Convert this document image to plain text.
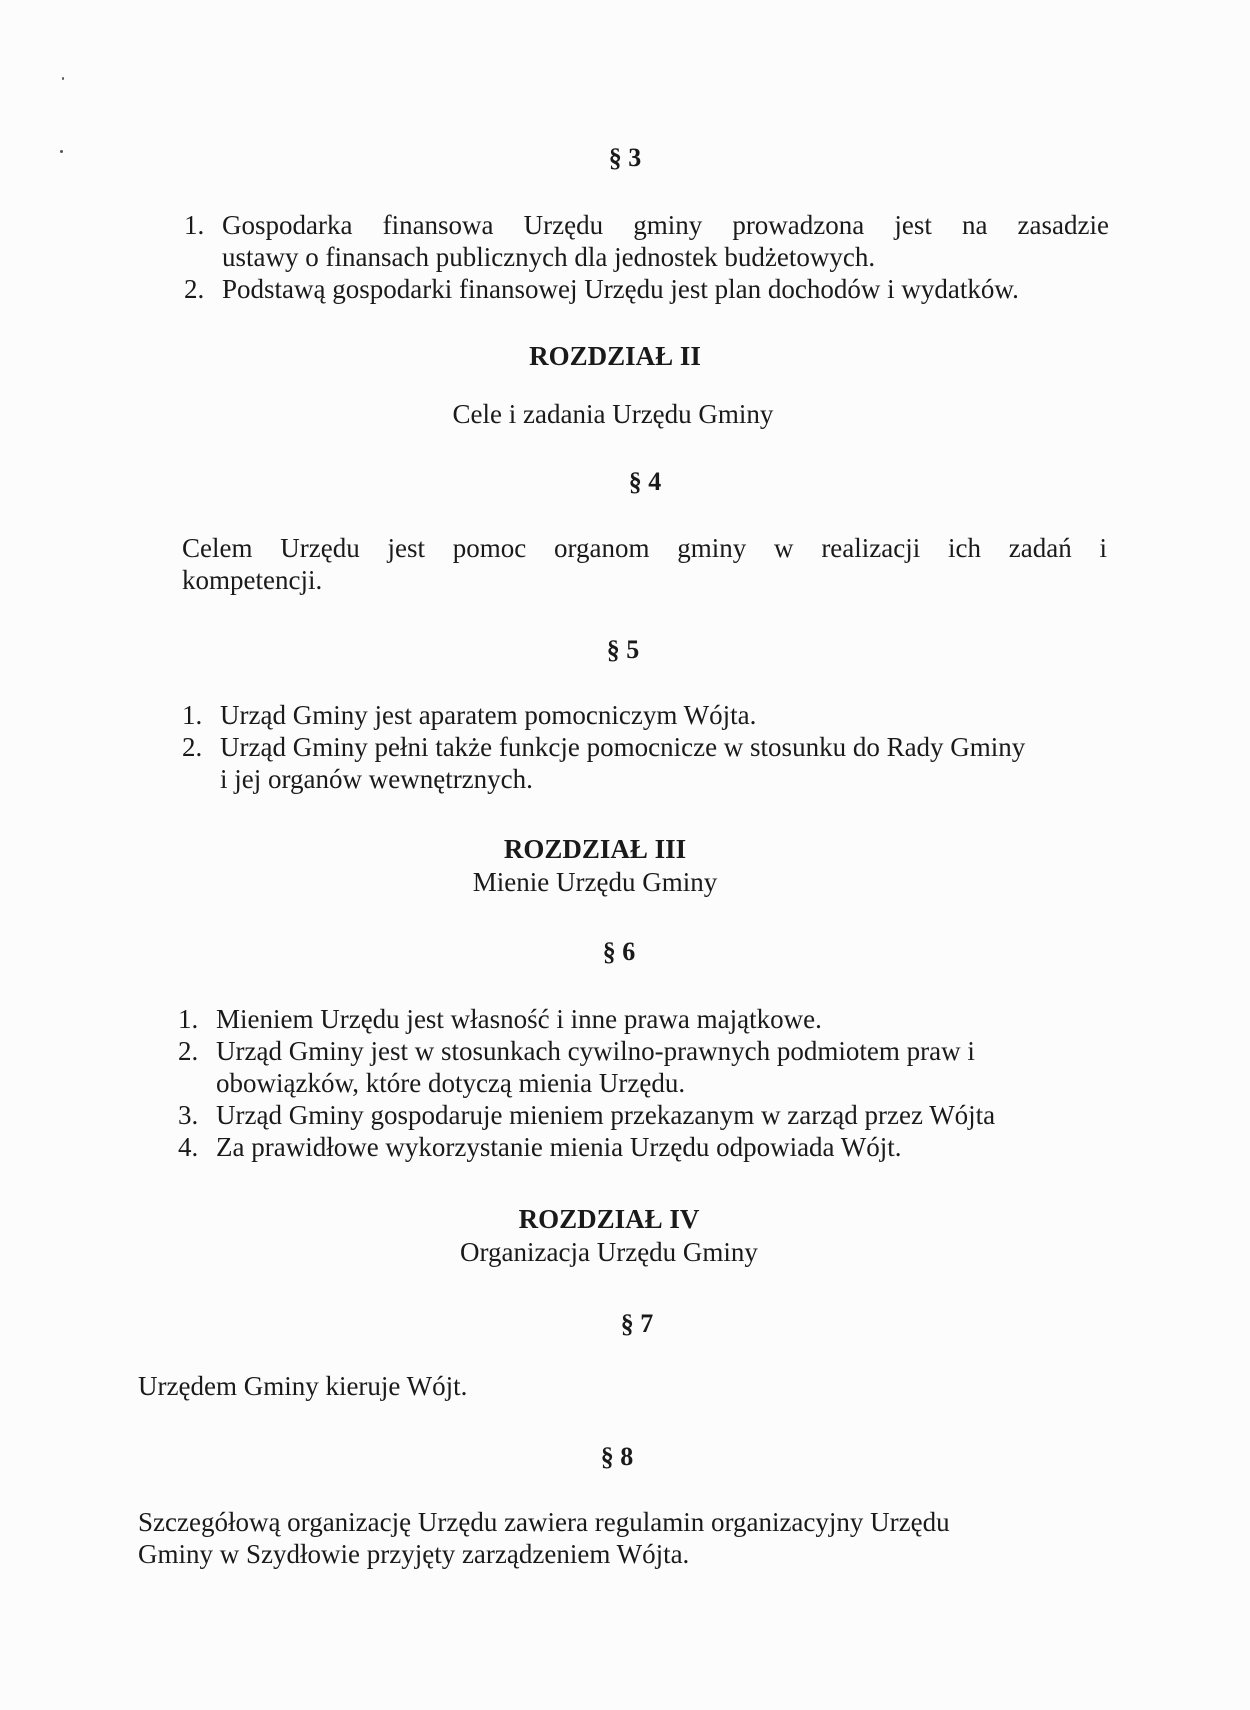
§ 3
1. Gospodarka finansowa Urzędu gminy prowadzona jest na zasadzie
ustawy o finansach publicznych dla jednostek budżetowych.
2. Podstawą gospodarki finansowej Urzędu jest plan dochodów i wydatków.
ROZDZIAŁ II
Cele i zadania Urzędu Gminy
§ 4
Celem Urzędu jest pomoc organom gminy w realizacji ich zadań i
kompetencji.
§ 5
1. Urząd Gminy jest aparatem pomocniczym Wójta.
2. Urząd Gminy pełni także funkcje pomocnicze w stosunku do Rady Gminy
i jej organów wewnętrznych.
ROZDZIAŁ III
Mienie Urzędu Gminy
§ 6
1. Mieniem Urzędu jest własność i inne prawa majątkowe.
2. Urząd Gminy jest w stosunkach cywilno-prawnych podmiotem praw i
obowiązków, które dotyczą mienia Urzędu.
3. Urząd Gminy gospodaruje mieniem przekazanym w zarząd przez Wójta
4. Za prawidłowe wykorzystanie mienia Urzędu odpowiada Wójt.
ROZDZIAŁ IV
Organizacja Urzędu Gminy
§ 7
Urzędem Gminy kieruje Wójt.
§ 8
Szczegółową organizację Urzędu zawiera regulamin organizacyjny Urzędu
Gminy w Szydłowie przyjęty zarządzeniem Wójta.
